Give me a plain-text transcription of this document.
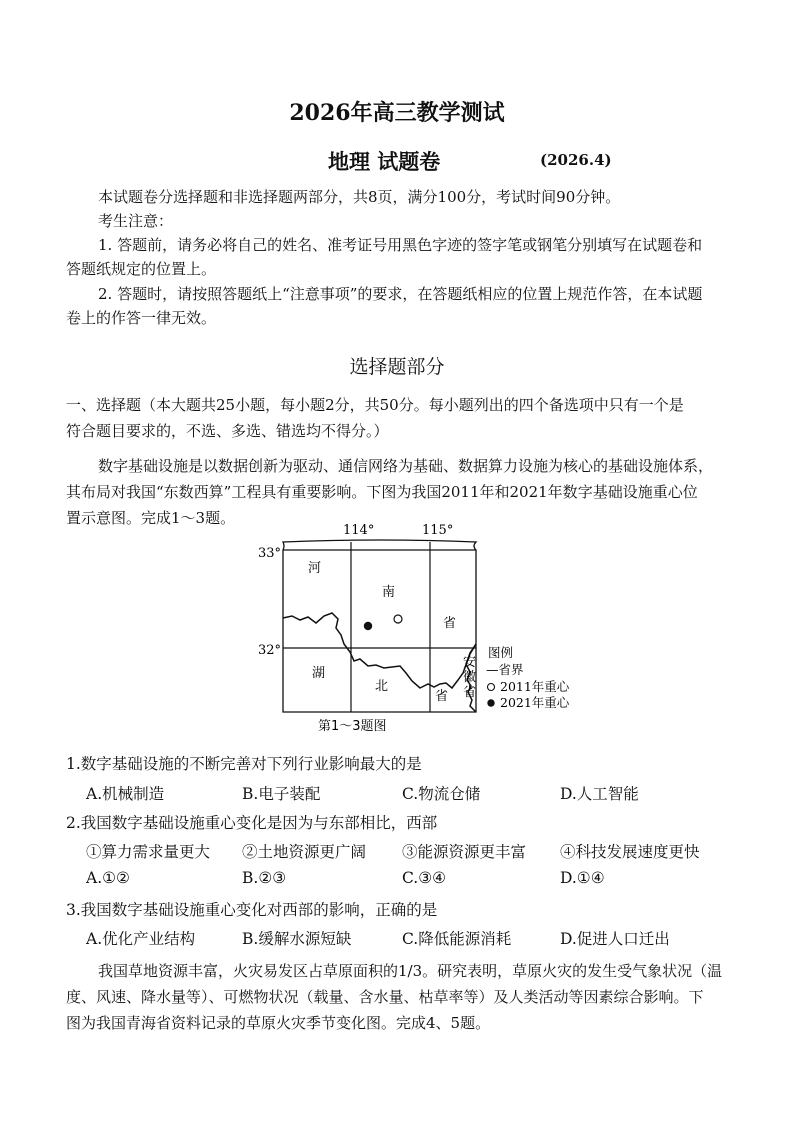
2026年高三教学测试
地理 试题卷	(2026.4)
本试题卷分选择题和非选择题两部分，共8页，满分100分，考试时间90分钟。
考生注意：
1. 答题前，请务必将自己的姓名、准考证号用黑色字迹的签字笔或钢笔分别填写在试题卷和
答题纸规定的位置上。
2. 答题时，请按照答题纸上“注意事项”的要求，在答题纸相应的位置上规范作答，在本试题
卷上的作答一律无效。
选择题部分
一、选择题（本大题共25小题，每小题2分，共50分。每小题列出的四个备选项中只有一个是
符合题目要求的，不选、多选、错选均不得分。）
数字基础设施是以数据创新为驱动、通信网络为基础、数据算力设施为核心的基础设施体系，
其布局对我国“东数西算”工程具有重要影响。下图为我国2011年和2021年数字基础设施重心位
置示意图。完成1～3题。
114°	115°
33°
32°
河
南
省
湖
北
省
安
徽
省
图例
—省界
2011年重心
2021年重心
第1～3题图
1.数字基础设施的不断完善对下列行业影响最大的是
A.机械制造	B.电子装配	C.物流仓储	D.人工智能
2.我国数字基础设施重心变化是因为与东部相比，西部
①算力需求量更大 ②土地资源更广阔 ③能源资源更丰富 ④科技发展速度更快
A.①②	B.②③	C.③④	D.①④
3.我国数字基础设施重心变化对西部的影响，正确的是
A.优化产业结构	B.缓解水源短缺	C.降低能源消耗	D.促进人口迁出
我国草地资源丰富，火灾易发区占草原面积的1/3。研究表明，草原火灾的发生受气象状况（温
度、风速、降水量等）、可燃物状况（载量、含水量、枯草率等）及人类活动等因素综合影响。下
图为我国青海省资料记录的草原火灾季节变化图。完成4、5题。
